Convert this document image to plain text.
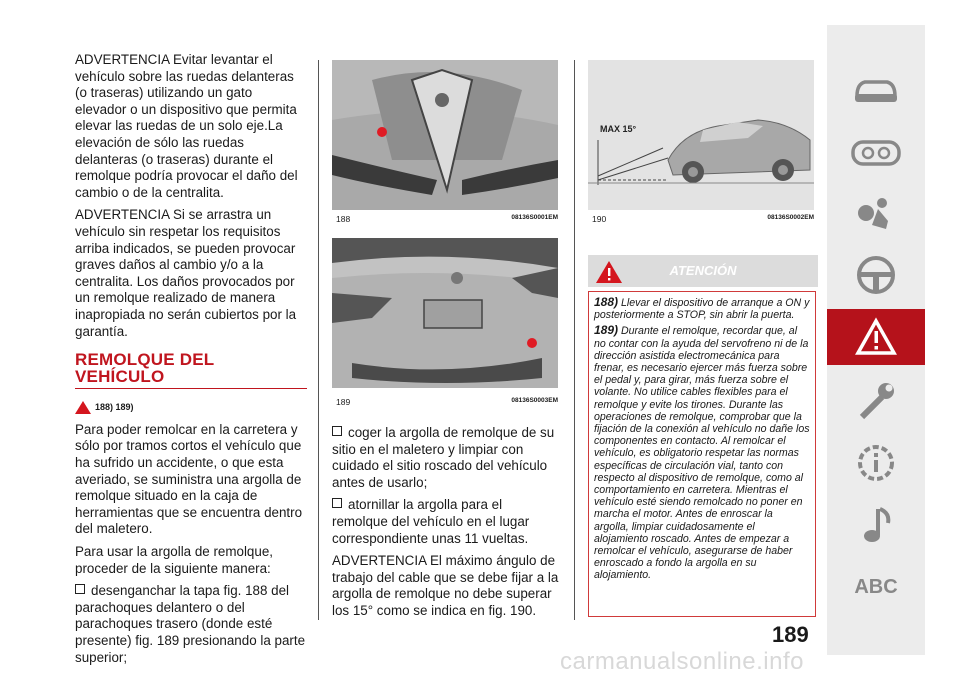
ADVERTENCIA Evitar levantar el vehículo sobre las ruedas delanteras (o traseras) utilizando un gato elevador o un dispositivo que permita elevar las ruedas de un solo eje.La elevación de sólo las ruedas delanteras (o traseras) durante el remolque podría provocar el daño del cambio o de la centralita.

ADVERTENCIA Si se arrastra un vehículo sin respetar los requisitos arriba indicados, se pueden provocar graves daños al cambio y/o a la centralita. Los daños provocados por un remolque realizado de manera inapropiada no serán cubiertos por la garantía.

REMOLQUE DEL VEHÍCULO

188) 189)

Para poder remolcar en la carretera y sólo por tramos cortos el vehículo que ha sufrido un accidente, o que esta averiado, se suministra una argolla de remolque situado en la caja de herramientas que se encuentra dentro del maletero.

Para usar la argolla de remolque, proceder de la siguiente manera:

desenganchar la tapa fig. 188 del parachoques delantero o del parachoques trasero (donde esté presente) fig. 189 presionando la parte superior;

188	08136S0001EM
189	08136S0003EM

coger la argolla de remolque de su sitio en el maletero y limpiar con cuidado el sitio roscado del vehículo antes de usarlo;

atornillar la argolla para el remolque del vehículo en el lugar correspondiente unas 11 vueltas.

ADVERTENCIA El máximo ángulo de trabajo del cable que se debe fijar a la argolla de remolque no debe superar los 15° como se indica en fig. 190.

MAX 15°
190	08136S0002EM
ATENCIÓN

188) Llevar el dispositivo de arranque a ON y posteriormente a STOP, sin abrir la puerta.

189) Durante el remolque, recordar que, al no contar con la ayuda del servofreno ni de la dirección asistida electromecánica para frenar, es necesario ejercer más fuerza sobre el pedal y, para girar, más fuerza sobre el volante. No utilice cables flexibles para el remolque y evite los tirones. Durante las operaciones de remolque, comprobar que la fijación de la conexión al vehículo no dañe los componentes en contacto. Al remolcar el vehículo, es obligatorio respetar las normas específicas de circulación vial, tanto con respecto al dispositivo de remolque, como al comportamiento en carretera. Mientras el vehículo esté siendo remolcado no poner en marcha el motor. Antes de enroscar la argolla, limpiar cuidadosamente el alojamiento roscado. Antes de empezar a remolcar el vehículo, asegurarse de haber enroscado a fondo la argolla en su alojamiento.

189
ABC
carmanualsonline.info
